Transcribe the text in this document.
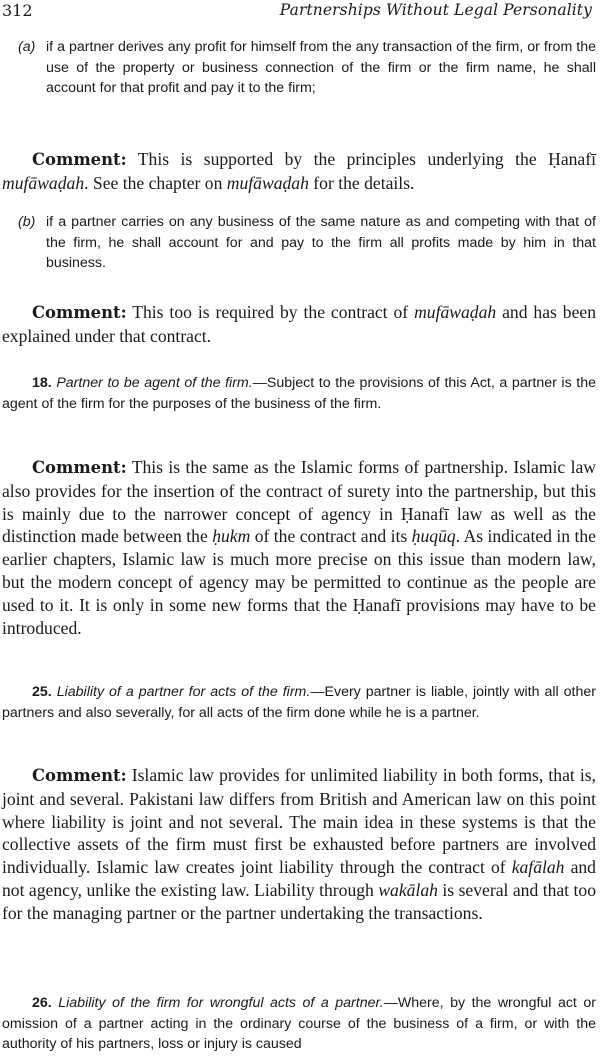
312	Partnerships Without Legal Personality
(a) if a partner derives any profit for himself from the any transaction of the firm, or from the use of the property or business connection of the firm or the firm name, he shall account for that profit and pay it to the firm;
Comment: This is supported by the principles underlying the Ḥanafī mufāwaḍah. See the chapter on mufāwaḍah for the details.
(b) if a partner carries on any business of the same nature as and competing with that of the firm, he shall account for and pay to the firm all profits made by him in that business.
Comment: This too is required by the contract of mufāwaḍah and has been explained under that contract.
18. Partner to be agent of the firm.—Subject to the provisions of this Act, a partner is the agent of the firm for the purposes of the business of the firm.
Comment: This is the same as the Islamic forms of partnership. Islamic law also provides for the insertion of the contract of surety into the partnership, but this is mainly due to the narrower concept of agency in Ḥanafī law as well as the distinction made between the ḥukm of the contract and its ḥuqūq. As indicated in the earlier chapters, Islamic law is much more precise on this issue than modern law, but the modern concept of agency may be permitted to continue as the people are used to it. It is only in some new forms that the Ḥanafī provisions may have to be introduced.
25. Liability of a partner for acts of the firm.—Every partner is liable, jointly with all other partners and also severally, for all acts of the firm done while he is a partner.
Comment: Islamic law provides for unlimited liability in both forms, that is, joint and several. Pakistani law differs from British and American law on this point where liability is joint and not several. The main idea in these systems is that the collective assets of the firm must first be exhausted before partners are involved individually. Islamic law creates joint liability through the contract of kafālah and not agency, unlike the existing law. Liability through wakālah is several and that too for the managing partner or the partner undertaking the transactions.
26. Liability of the firm for wrongful acts of a partner.—Where, by the wrongful act or omission of a partner acting in the ordinary course of the business of a firm, or with the authority of his partners, loss or injury is caused
